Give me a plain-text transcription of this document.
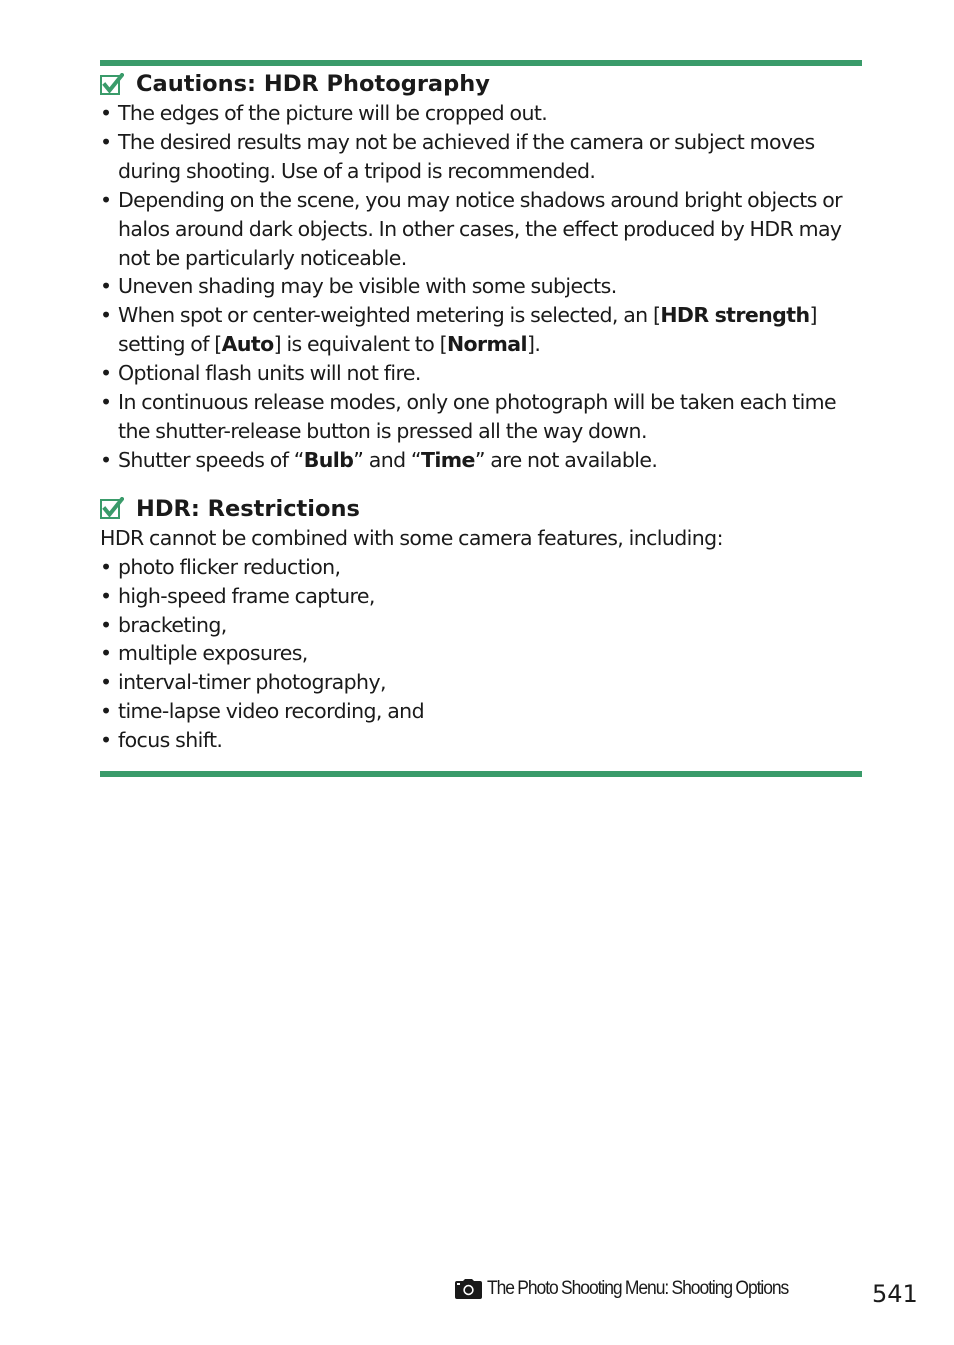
Cautions: HDR Photography
• The edges of the picture will be cropped out.
• The desired results may not be achieved if the camera or subject moves during shooting. Use of a tripod is recommended.
• Depending on the scene, you may notice shadows around bright objects or halos around dark objects. In other cases, the effect produced by HDR may not be particularly noticeable.
• Uneven shading may be visible with some subjects.
• When spot or center-weighted metering is selected, an [HDR strength] setting of [Auto] is equivalent to [Normal].
• Optional flash units will not fire.
• In continuous release modes, only one photograph will be taken each time the shutter-release button is pressed all the way down.
• Shutter speeds of “Bulb” and “Time” are not available.
HDR: Restrictions
HDR cannot be combined with some camera features, including:
• photo flicker reduction,
• high-speed frame capture,
• bracketing,
• multiple exposures,
• interval-timer photography,
• time-lapse video recording, and
• focus shift.
The Photo Shooting Menu: Shooting Options	541
